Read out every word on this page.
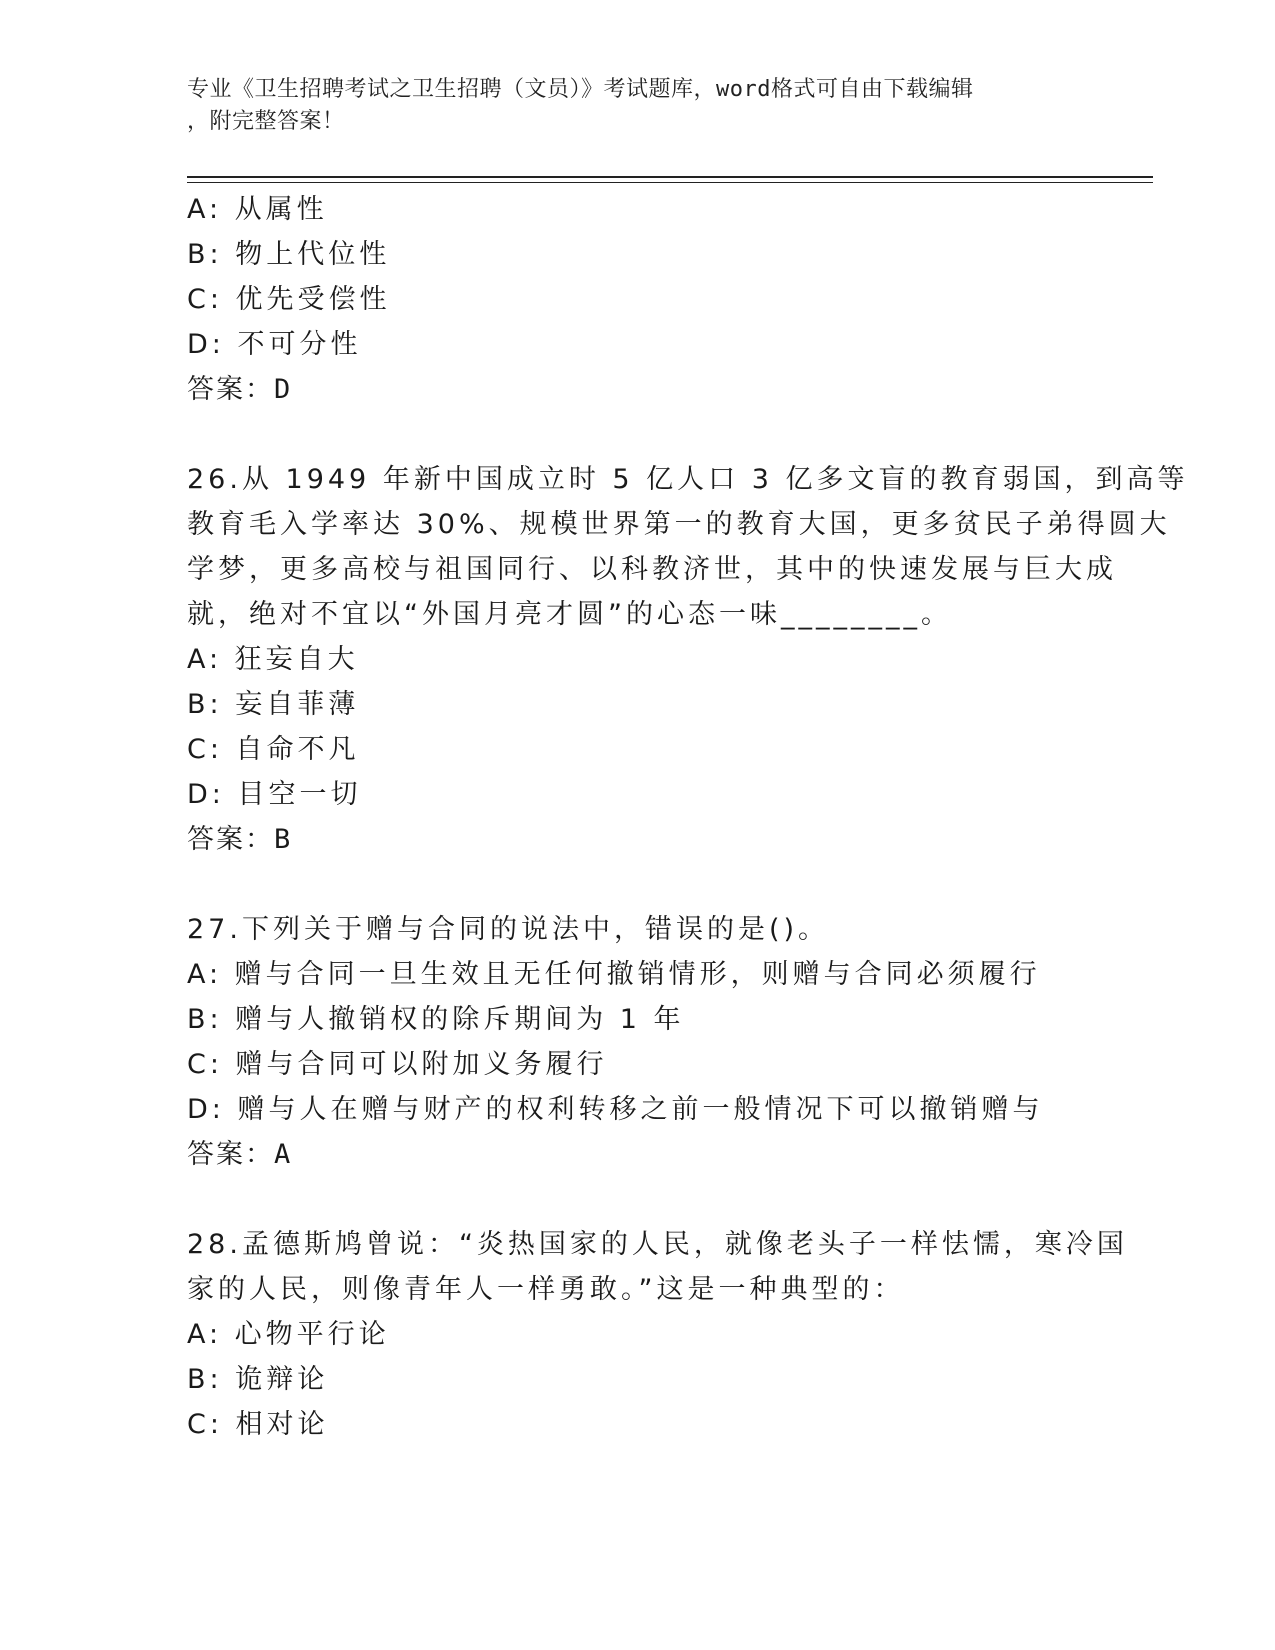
专业《卫生招聘考试之卫生招聘（文员）》考试题库，word格式可自由下载编辑
，附完整答案！
A: 从属性
B: 物上代位性
C: 优先受偿性
D: 不可分性
答案：D
26.从 1949 年新中国成立时 5 亿人口 3 亿多文盲的教育弱国，到高等
教育毛入学率达 30%、规模世界第一的教育大国，更多贫民子弟得圆大
学梦，更多高校与祖国同行、以科教济世，其中的快速发展与巨大成
就，绝对不宜以“外国月亮才圆”的心态一味________。
A: 狂妄自大
B: 妄自菲薄
C: 自命不凡
D: 目空一切
答案：B
27.下列关于赠与合同的说法中，错误的是()。
A: 赠与合同一旦生效且无任何撤销情形，则赠与合同必须履行
B: 赠与人撤销权的除斥期间为 1 年
C: 赠与合同可以附加义务履行
D: 赠与人在赠与财产的权利转移之前一般情况下可以撤销赠与
答案：A
28.孟德斯鸠曾说：“炎热国家的人民，就像老头子一样怯懦，寒冷国
家的人民，则像青年人一样勇敢。”这是一种典型的：
A: 心物平行论
B: 诡辩论
C: 相对论
